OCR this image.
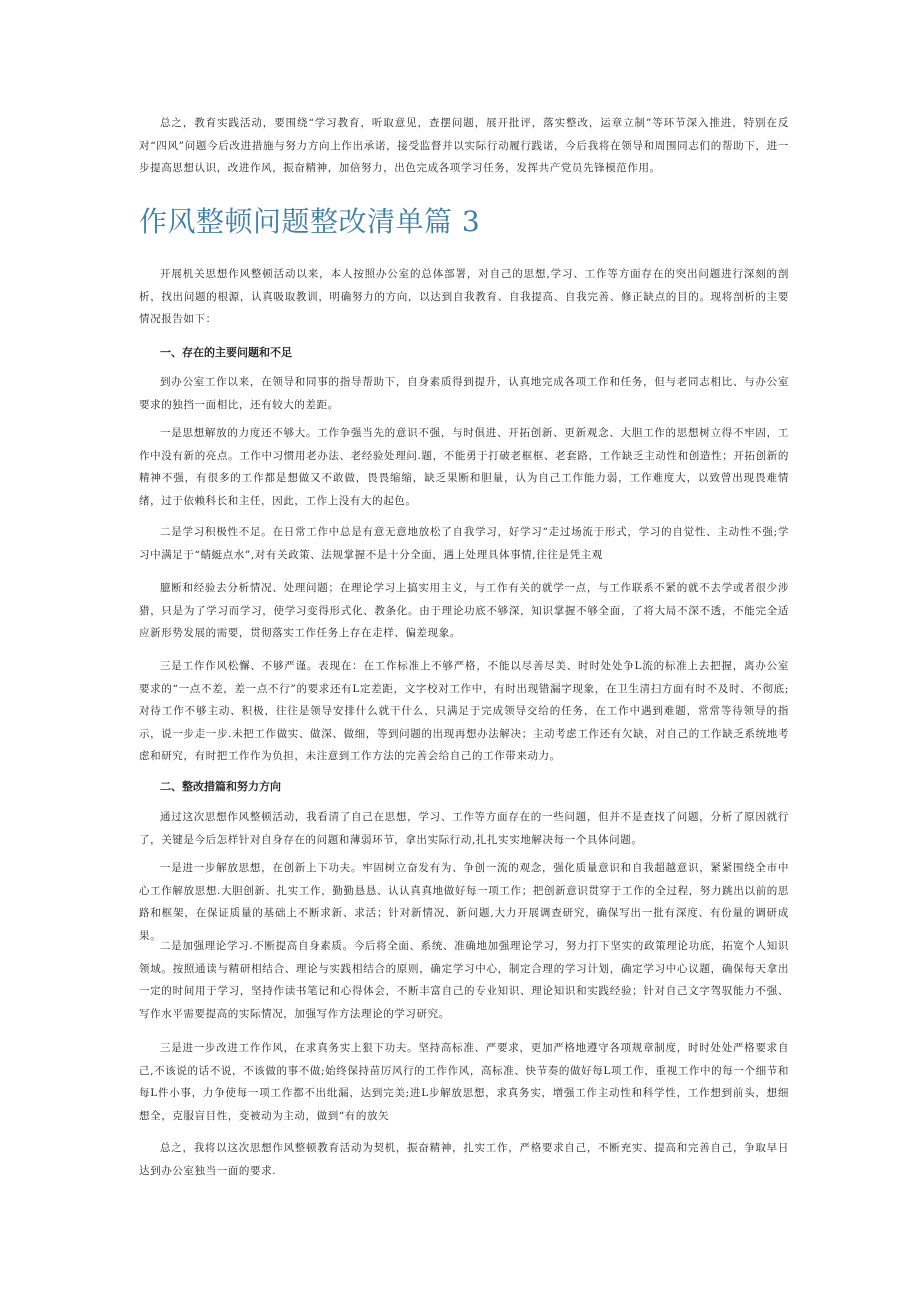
总之，教育实践活动，要围绕“学习教育，听取意见，查摆问题，展开批评，落实整改，运章立制”等环节深入推进，特别在反对“四风”问题今后改进措施与努力方向上作出承诺，接受监督并以实际行动履行践诺，今后我将在领导和周围同志们的帮助下，进一步提高思想认识，改进作风，振奋精神，加倍努力，出色完成各项学习任务，发挥共产党员先锋模范作用。

作风整顿问题整改清单篇 3

开展机关思想作风整顿活动以来，本人按照办公室的总体部署，对自己的思想,学习、工作等方面存在的突出问题进行深刻的剖析，找出问题的根源，认真吸取教训，明确努力的方向，以达到自我教育、自我提高、自我完善、修正缺点的目的。现将剖析的主要情况报告如下：

一、存在的主要问题和不足

到办公室工作以来，在领导和同事的指导帮助下，自身素质得到提升，认真地完成各项工作和任务，但与老同志相比、与办公室要求的独挡一面相比，还有较大的差距。

一是思想解放的力度还不够大。工作争强当先的意识不强，与时俱进、开拓创新、更新观念、大胆工作的思想树立得不牢固，工作中没有新的亮点。工作中习惯用老办法、老经验处理问.题，不能勇于打破老框框、老套路，工作缺乏主动性和创造性；开拓创新的精神不强，有很多的工作都是想做又不敢做，畏畏缩缩，缺乏果断和胆量，认为自己工作能力弱，工作难度大，以致曾出现畏难情绪，过于依赖科长和主任，因此，工作上没有大的起色。

二是学习积极性不足。在日常工作中总是有意无意地放松了自我学习，好学习“走过场流于形式，学习的自觉性、主动性不强;学习中满足于“蜻蜓点水”,对有关政策、法规掌握不是十分全面，遇上处理具体事情,往往是凭主观

臆断和经验去分析情况、处理问题；在理论学习上搞实用主义，与工作有关的就学一点，与工作联系不紧的就不去学或者很少涉猎，只是为了学习而学习，使学习变得形式化、教条化。由于理论功底不够深，知识掌握不够全面，了将大局不深不透，不能完全适应新形势发展的需要，贯彻落实工作任务上存在走样、偏差现象。

三是工作作风松懈、不够严谨。表现在：在工作标准上不够严格，不能以尽善尽美、时时处处争L流的标准上去把握，离办公室要求的“一点不差，差一点不行”的要求还有L定差距，文字校对工作中，有时出现错漏字现象，在卫生清扫方面有时不及时、不彻底;对待工作不够主动、积极，往往是领导安排什么就干什么，只满足于完成领导交给的任务，在工作中遇到难题，常常等待领导的指示，说一步走一步.未把工作做实、做深、做细，等到问题的出现再想办法解决；主动考虑工作还有欠缺，对自己的工作缺乏系统地考虑和研究，有时把工作作为负担，未注意到工作方法的完善会给自己的工作带来动力。

二、整改措篇和努力方向

通过这次思想作风整顿活动，我看清了自己在思想，学习、工作等方面存在的一些问题，但并不是查找了问题，分析了原因就行了，关键是今后怎样针对自身存在的问题和薄弱环节，拿出实际行动,扎扎实实地解决每一个具体问题。

一是进一步解放思想，在创新上下功夫。牢固树立奋发有为、争创一流的观念，强化质量意识和自我超越意识，紧紧围绕全市中心工作解放思想.大胆创新、扎实工作，勤勤恳恳、认认真真地做好每一项工作；把创新意识贯穿于工作的全过程，努力跳出以前的思路和框架，在保证质量的基础上不断求新、求活；针对新情况、新问题,大力开展调查研究，确保写出一批有深度、有份量的调研成果。

二是加强理论学习.不断提高自身素质。今后将全面、系统、准确地加强理论学习，努力打下坚实的政策理论功底，拓宽个人知识领域。按照通读与精研相结合、理论与实践相结合的原则，确定学习中心，制定合理的学习计划，确定学习中心议题，确保每天拿出一定的时间用于学习，坚持作读书笔记和心得体会，不断丰富自己的专业知识、理论知识和实践经验；针对自己文字驾驭能力不强、写作水平需要提高的实际情况，加强写作方法理论的学习研究。

三是进一步改进工作作风，在求真务实上狠下功夫。坚持高标准、严要求，更加严格地遵守各项规章制度，时时处处严格要求自己,不该说的话不说，不该做的事不做;始终保持苗厉风行的工作作风，高标准、快节奏的做好每L项工作，重视工作中的每一个细节和每L件小事，力争使每一项工作都不出纰漏，达到完美;进L步解放思想，求真务实，增强工作主动性和科学性，工作想到前头，想细想全，克服盲目性，变被动为主动，做到“有的放矢

总之，我将以这次思想作风整顿教育活动为契机，振奋精神，扎实工作，严格要求自己，不断充实、提高和完善自己，争取早日达到办公室独当一面的要求.
